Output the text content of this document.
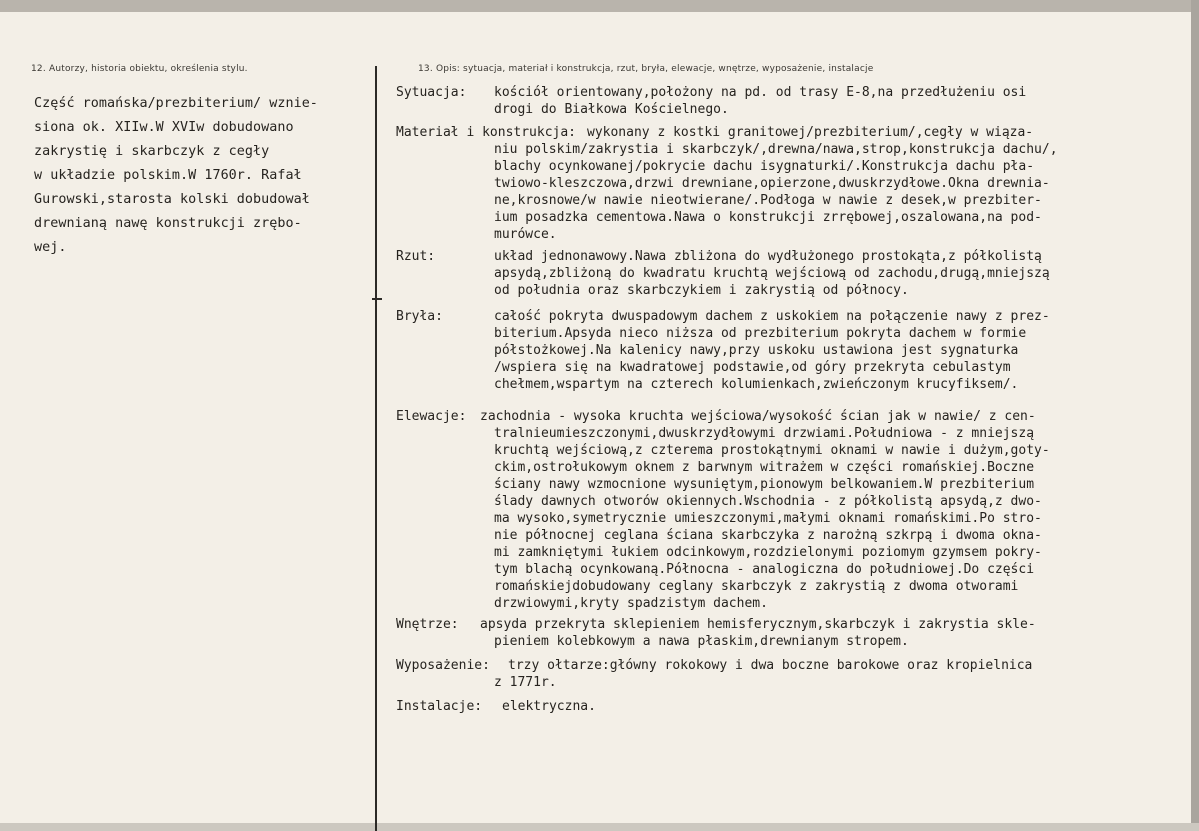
12. Autorzy, historia obiektu, określenia stylu.	13. Opis: sytuacja, materiał i konstrukcja, rzut, bryła, elewacje, wnętrze, wyposażenie, instalacje
Część romańska/prezbiterium/ wznie-
siona ok. XIIw.W XVIw dobudowano
zakrystię i skarbczyk z cegły
w układzie polskim.W 1760r. Rafał
Gurowski,starosta kolski dobudował
drewnianą nawę konstrukcji zrębo-
wej.
Sytuacja: kościół orientowany,położony na pd. od trasy E-8,na przedłużeniu osi
drogi do Białkowa Kościelnego.
Materiał i konstrukcja: wykonany z kostki granitowej/prezbiterium/,cegły w wiąza-
niu polskim/zakrystia i skarbczyk/,drewna/nawa,strop,konstrukcja dachu/,
blachy ocynkowanej/pokrycie dachu isygnaturki/.Konstrukcja dachu pła-
twiowo-kleszczowa,drzwi drewniane,opierzone,dwuskrzydłowe.Okna drewnia-
ne,krosnowe/w nawie nieotwierane/.Podłoga w nawie z desek,w prezbiter-
ium posadzka cementowa.Nawa o konstrukcji zrrębowej,oszalowana,na pod-
murówce.
Rzut:	układ jednonawowy.Nawa zbliżona do wydłużonego prostokąta,z półkolistą
apsydą,zbliżoną do kwadratu kruchtą wejściową od zachodu,drugą,mniejszą
od południa oraz skarbczykiem i zakrystią od północy.
Bryła:	całość pokryta dwuspadowym dachem z uskokiem na połączenie nawy z prez-
biterium.Apsyda nieco niższa od prezbiterium pokryta dachem w formie
półstożkowej.Na kalenicy nawy,przy uskoku ustawiona jest sygnaturka
/wspiera się na kwadratowej podstawie,od góry przekryta cebulastym
chełmem,wspartym na czterech kolumienkach,zwieńczonym krucyfiksem/.
Elewacje: zachodnia - wysoka kruchta wejściowa/wysokość ścian jak w nawie/ z cen-
tralnieumieszczonymi,dwuskrzydłowymi drzwiami.Południowa - z mniejszą
kruchtą wejściową,z czterema prostokątnymi oknami w nawie i dużym,goty-
ckim,ostrołukowym oknem z barwnym witrażem w części romańskiej.Boczne
ściany nawy wzmocnione wysuniętym,pionowym belkowaniem.W prezbiterium
ślady dawnych otworów okiennych.Wschodnia - z półkolistą apsydą,z dwo-
ma wysoko,symetrycznie umieszczonymi,małymi oknami romańskimi.Po stro-
nie północnej ceglana ściana skarbczyka z narożną szkrpą i dwoma okna-
mi zamkniętymi łukiem odcinkowym,rozdzielonymi poziomym gzymsem pokry-
tym blachą ocynkowaną.Północna - analogiczna do południowej.Do części
romańskiejdobudowany ceglany skarbczyk z zakrystią z dwoma otworami
drzwiowymi,kryty spadzistym dachem.
Wnętrze: apsyda przekryta sklepieniem hemisferycznym,skarbczyk i zakrystia skle-
pieniem kolebkowym a nawa płaskim,drewnianym stropem.
Wyposażenie: trzy ołtarze:główny rokokowy i dwa boczne barokowe oraz kropielnica
z 1771r.
Instalacje: elektryczna.
